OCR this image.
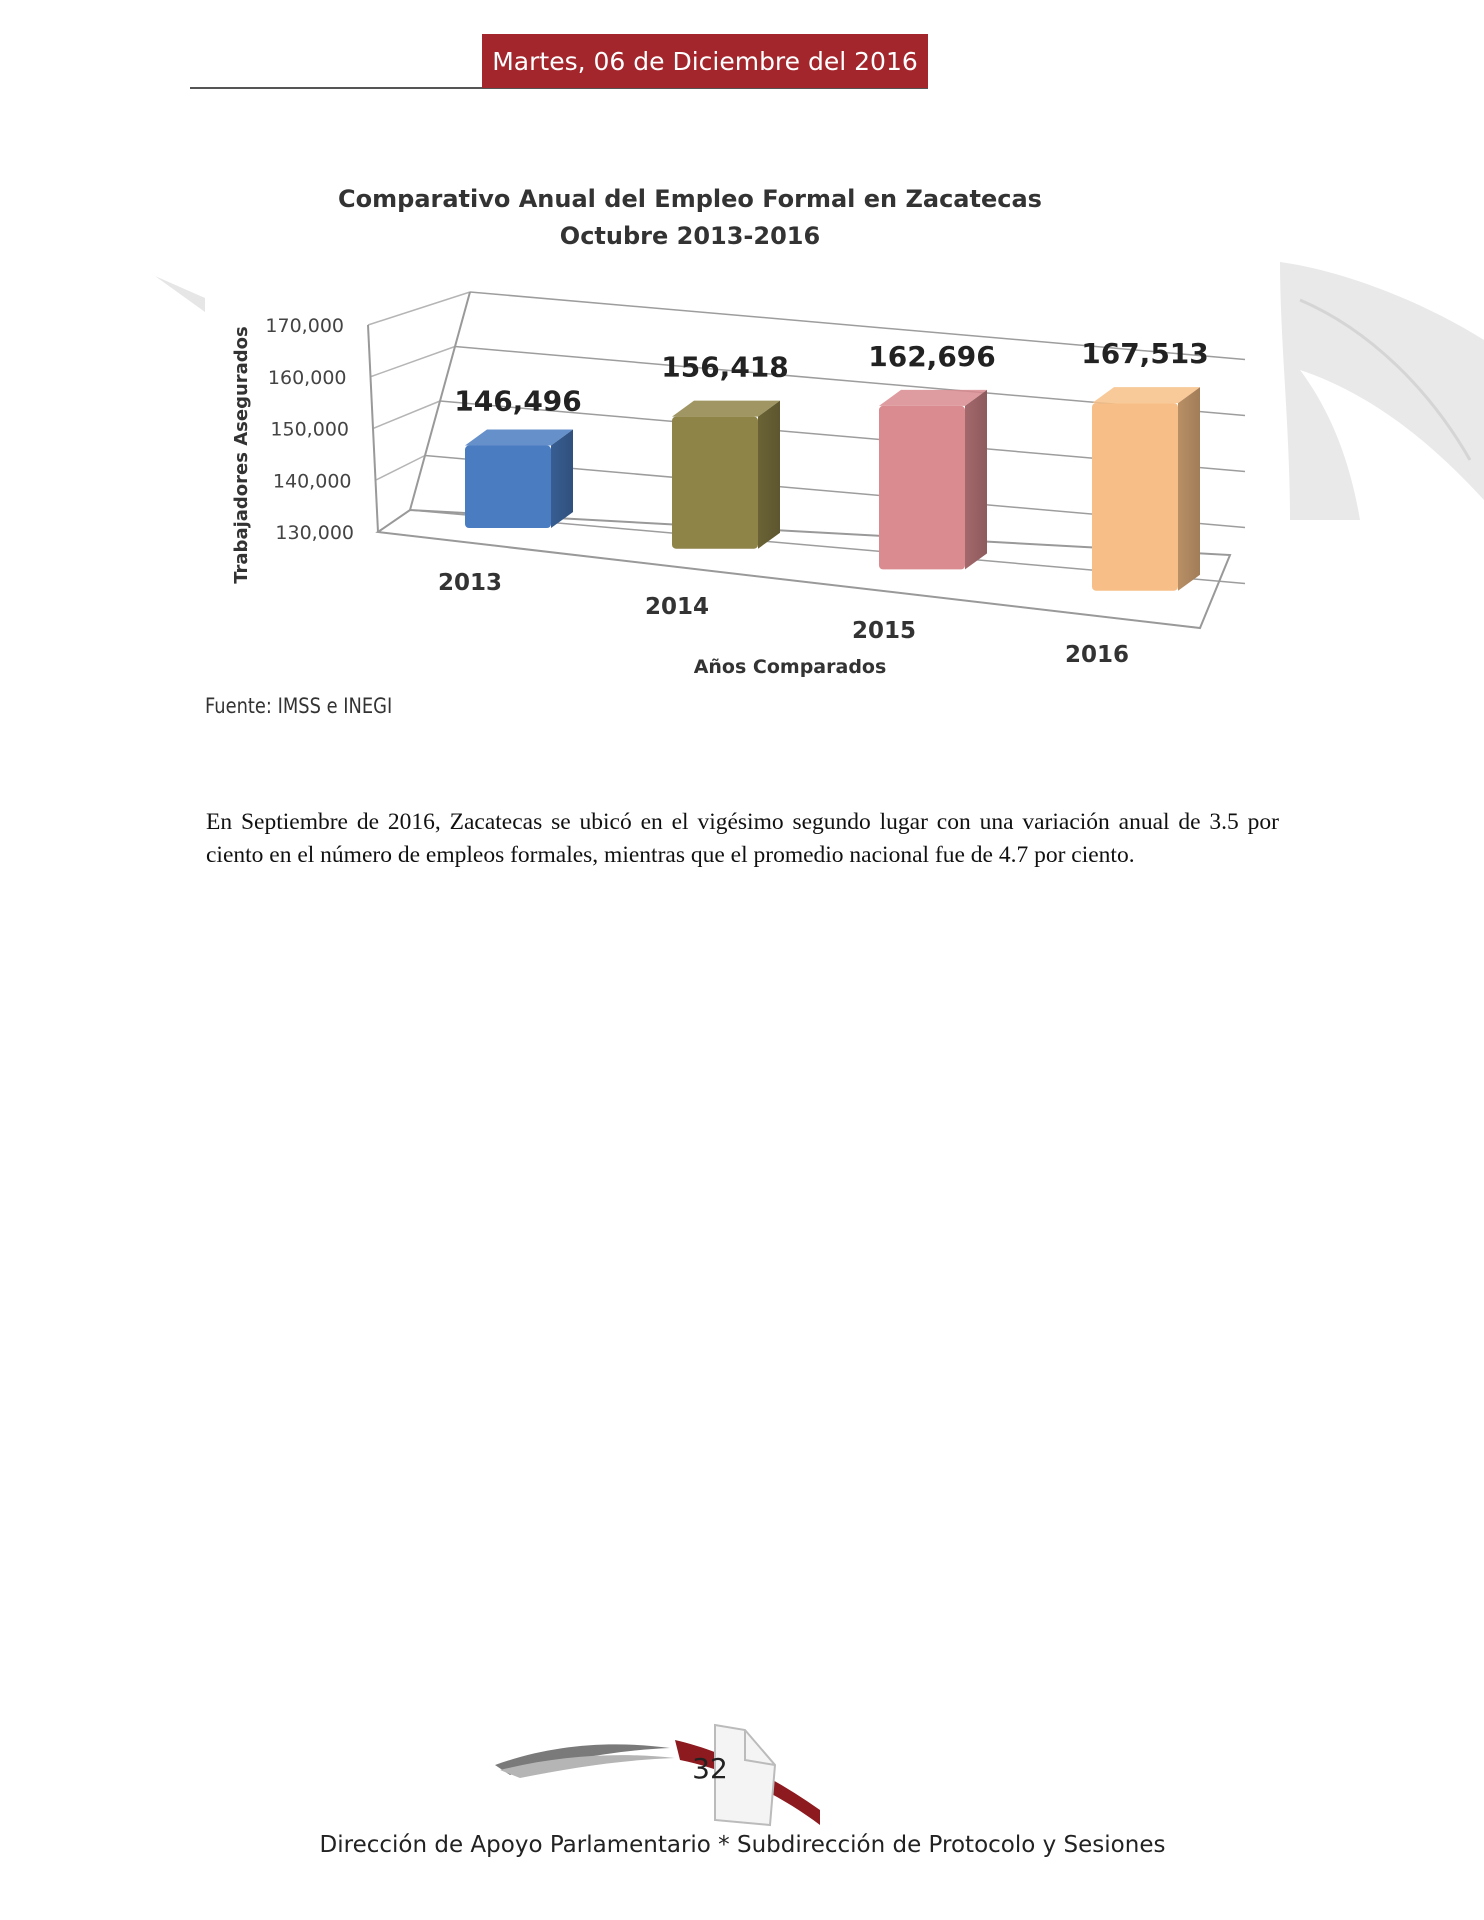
Martes, 06 de Diciembre del 2016
Comparativo Anual del Empleo Formal en Zacatecas
Octubre 2013-2016
130,000
140,000
150,000
160,000
170,000
2013
2014
2015
2016
146,496
156,418	162,696	167,513
Trabajadores Asegurados
Años Comparados
Fuente: IMSS e INEGI

En Septiembre de 2016, Zacatecas se ubicó en el vigésimo segundo lugar con una variación anual de 3.5 por ciento en el número de empleos formales, mientras que el promedio nacional fue de 4.7 por ciento.

32
Dirección de Apoyo Parlamentario * Subdirección de Protocolo y Sesiones
